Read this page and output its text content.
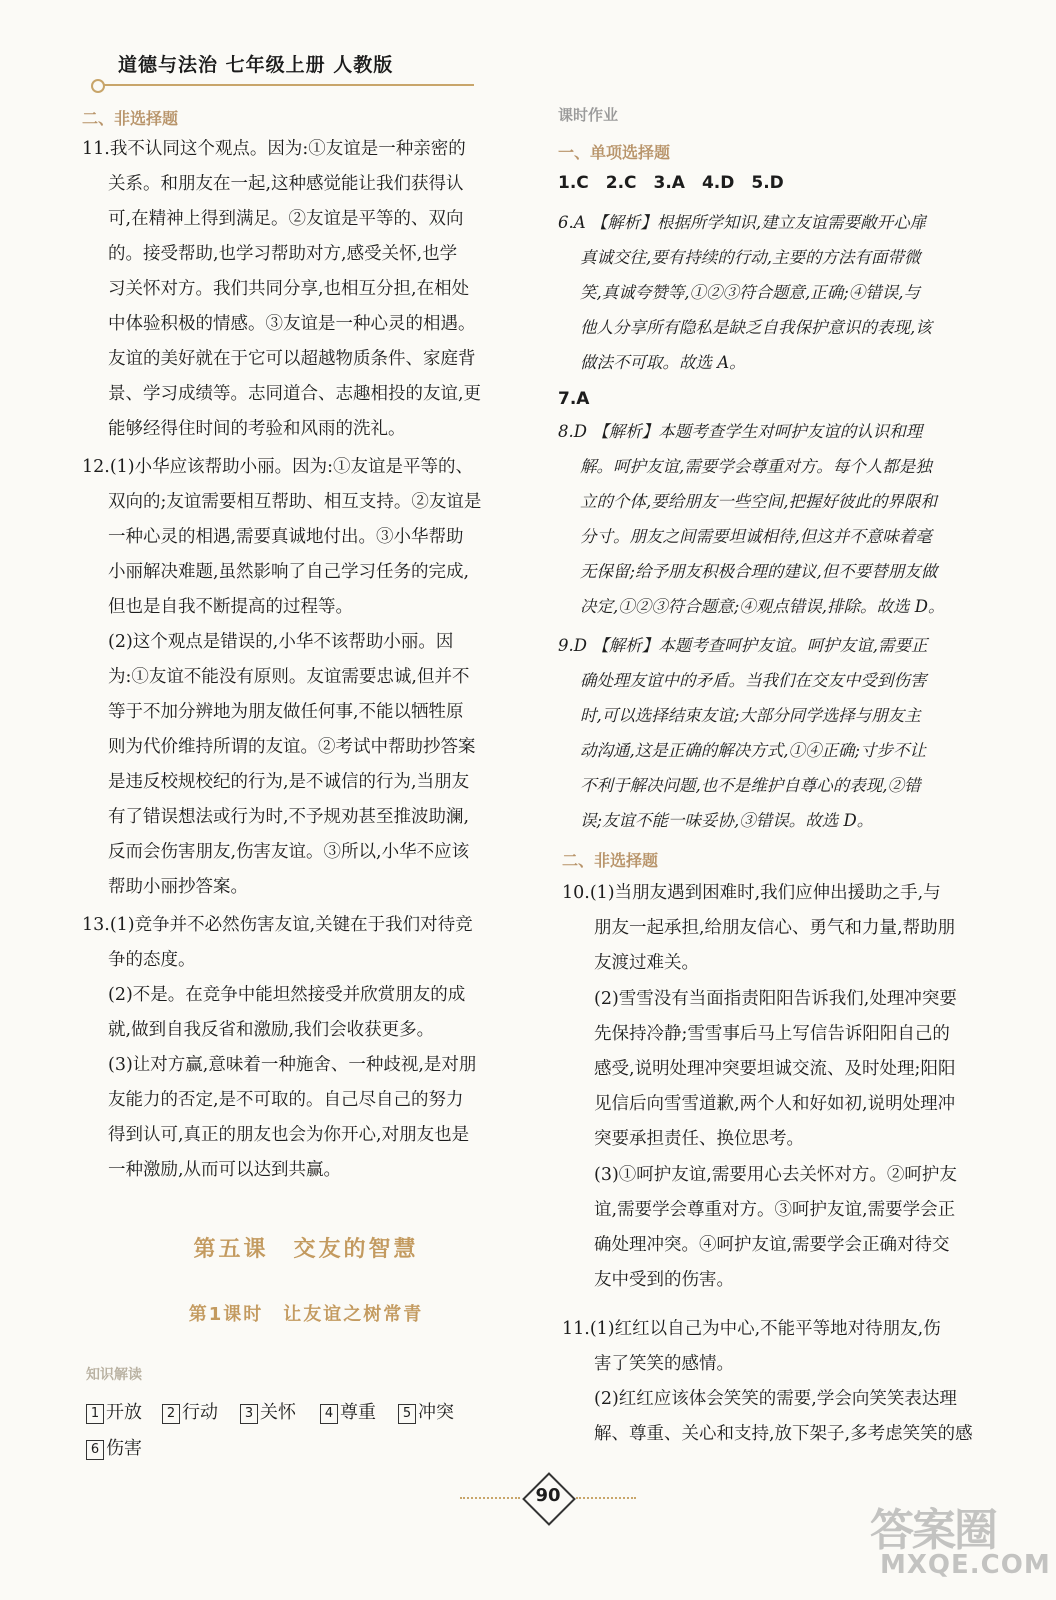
道德与法治 七年级上册 人教版
二、非选择题
11.我不认同这个观点。因为:①友谊是一种亲密的
关系。和朋友在一起,这种感觉能让我们获得认
可,在精神上得到满足。②友谊是平等的、双向
的。接受帮助,也学习帮助对方,感受关怀,也学
习关怀对方。我们共同分享,也相互分担,在相处
中体验积极的情感。③友谊是一种心灵的相遇。
友谊的美好就在于它可以超越物质条件、家庭背
景、学习成绩等。志同道合、志趣相投的友谊,更
能够经得住时间的考验和风雨的洗礼。
12.(1)小华应该帮助小丽。因为:①友谊是平等的、
双向的;友谊需要相互帮助、相互支持。②友谊是
一种心灵的相遇,需要真诚地付出。③小华帮助
小丽解决难题,虽然影响了自己学习任务的完成,
但也是自我不断提高的过程等。
(2)这个观点是错误的,小华不该帮助小丽。因
为:①友谊不能没有原则。友谊需要忠诚,但并不
等于不加分辨地为朋友做任何事,不能以牺牲原
则为代价维持所谓的友谊。②考试中帮助抄答案
是违反校规校纪的行为,是不诚信的行为,当朋友
有了错误想法或行为时,不予规劝甚至推波助澜,
反而会伤害朋友,伤害友谊。③所以,小华不应该
帮助小丽抄答案。
13.(1)竞争并不必然伤害友谊,关键在于我们对待竞
争的态度。
(2)不是。在竞争中能坦然接受并欣赏朋友的成
就,做到自我反省和激励,我们会收获更多。
(3)让对方赢,意味着一种施舍、一种歧视,是对朋
友能力的否定,是不可取的。自己尽自己的努力
得到认可,真正的朋友也会为你开心,对朋友也是
一种激励,从而可以达到共赢。
第五课　交友的智慧
第1课时　让友谊之树常青
知识解读
1 开放	2 行动	3 关怀	4 尊重	5 冲突
6 伤害
课时作业
一、单项选择题
1.C　2.C　3.A　4.D　5.D
6.A 【解析】根据所学知识,建立友谊需要敞开心扉
真诚交往,要有持续的行动,主要的方法有面带微
笑,真诚夸赞等,①②③符合题意,正确;④错误,与
他人分享所有隐私是缺乏自我保护意识的表现,该
做法不可取。故选 A。
7.A
8.D 【解析】本题考查学生对呵护友谊的认识和理
解。呵护友谊,需要学会尊重对方。每个人都是独
立的个体,要给朋友一些空间,把握好彼此的界限和
分寸。朋友之间需要坦诚相待,但这并不意味着毫
无保留;给予朋友积极合理的建议,但不要替朋友做
决定,①②③符合题意;④观点错误,排除。故选 D。
9.D 【解析】本题考查呵护友谊。呵护友谊,需要正
确处理友谊中的矛盾。当我们在交友中受到伤害
时,可以选择结束友谊;大部分同学选择与朋友主
动沟通,这是正确的解决方式,①④正确;寸步不让
不利于解决问题,也不是维护自尊心的表现,②错
误;友谊不能一味妥协,③错误。故选 D。
二、非选择题
10.(1)当朋友遇到困难时,我们应伸出援助之手,与
朋友一起承担,给朋友信心、勇气和力量,帮助朋
友渡过难关。
(2)雪雪没有当面指责阳阳告诉我们,处理冲突要
先保持冷静;雪雪事后马上写信告诉阳阳自己的
感受,说明处理冲突要坦诚交流、及时处理;阳阳
见信后向雪雪道歉,两个人和好如初,说明处理冲
突要承担责任、换位思考。
(3)①呵护友谊,需要用心去关怀对方。②呵护友
谊,需要学会尊重对方。③呵护友谊,需要学会正
确处理冲突。④呵护友谊,需要学会正确对待交
友中受到的伤害。
11.(1)红红以自己为中心,不能平等地对待朋友,伤
害了笑笑的感情。
(2)红红应该体会笑笑的需要,学会向笑笑表达理
解、尊重、关心和支持,放下架子,多考虑笑笑的感
90
答案圈
MXQE.COM
